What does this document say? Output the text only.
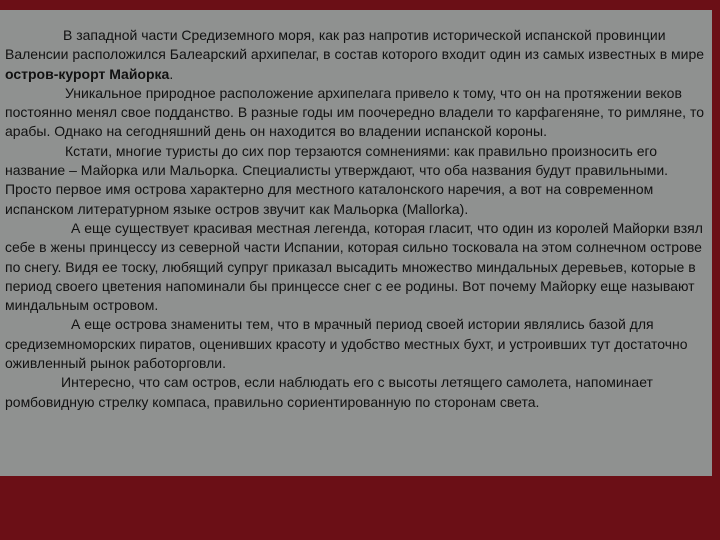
В западной части Средиземного моря, как раз напротив исторической испанской провинции Валенсии расположился Балеарский архипелаг, в состав которого входит один из самых известных в мире остров-курорт Майорка.

Уникальное природное расположение архипелага привело к тому, что он на протяжении веков постоянно менял свое подданство. В разные годы им поочередно владели то карфагеняне, то римляне, то арабы. Однако на сегодняшний день он находится во владении испанской короны.

Кстати, многие туристы до сих пор терзаются сомнениями: как правильно произносить его название – Майорка или Мальорка. Специалисты утверждают, что оба названия будут правильными. Просто первое имя острова характерно для местного каталонского наречия, а вот на современном испанском литературном языке остров звучит как Мальорка (Mallorka).

А еще существует красивая местная легенда, которая гласит, что один из королей Майорки взял себе в жены принцессу из северной части Испании, которая сильно тосковала на этом солнечном острове по снегу. Видя ее тоску, любящий супруг приказал высадить множество миндальных деревьев, которые в период своего цветения напоминали бы принцессе снег с ее родины. Вот почему Майорку еще называют миндальным островом.

А еще острова знамениты тем, что в мрачный период своей истории являлись базой для средиземноморских пиратов, оценивших красоту и удобство местных бухт, и устроивших тут достаточно оживленный рынок работорговли.

Интересно, что сам остров, если наблюдать его с высоты летящего самолета, напоминает ромбовидную стрелку компаса, правильно сориентированную по сторонам света.
